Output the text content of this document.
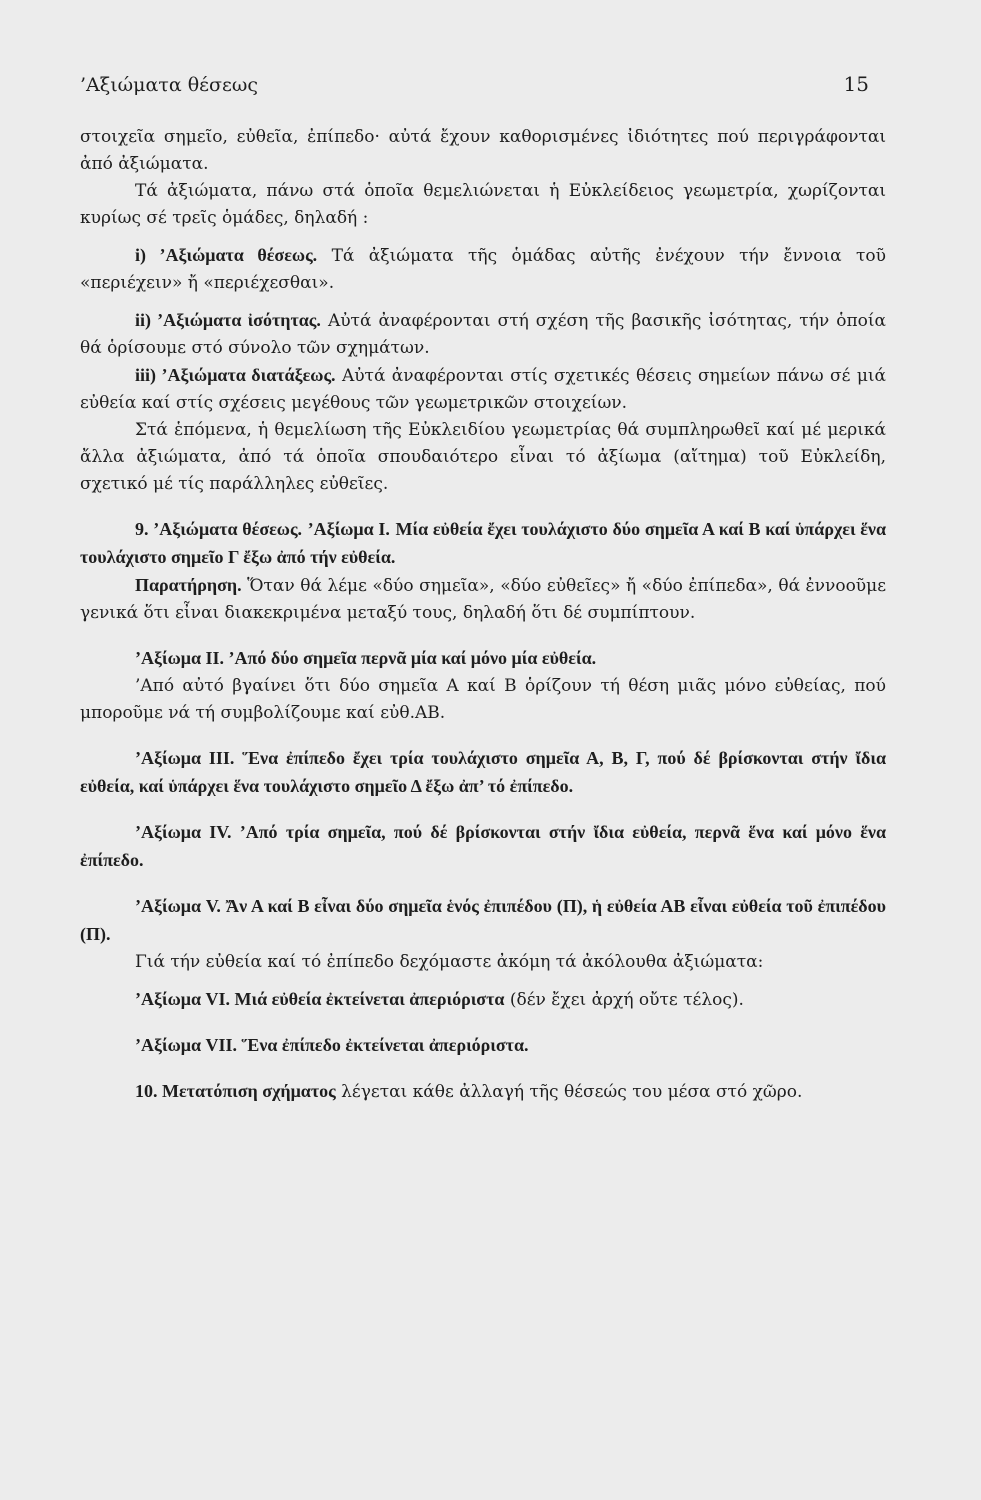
’Αξιώματα θέσεως	15

στοιχεῖα σημεῖο, εὐθεῖα, ἐπίπεδο· αὐτά ἔχουν καθορισμένες ἰδιότητες πού περιγράφονται ἀπό ἀξιώματα.

Τά ἀξιώματα, πάνω στά ὁποῖα θεμελιώνεται ἡ Εὐκλείδειος γεωμετρία, χωρίζονται κυρίως σέ τρεῖς ὁμάδες, δηλαδή :

i) ’Αξιώματα θέσεως. Τά ἀξιώματα τῆς ὁμάδας αὐτῆς ἐνέχουν τήν ἔννοια τοῦ «περιέχειν» ἤ «περιέχεσθαι».

ii) ’Αξιώματα ἰσότητας. Αὐτά ἀναφέρονται στή σχέση τῆς βασικῆς ἰσότητας, τήν ὁποία θά ὁρίσουμε στό σύνολο τῶν σχημάτων.

iii) ’Αξιώματα διατάξεως. Αὐτά ἀναφέρονται στίς σχετικές θέσεις σημείων πάνω σέ μιά εὐθεία καί στίς σχέσεις μεγέθους τῶν γεωμετρικῶν στοιχείων.

Στά ἑπόμενα, ἡ θεμελίωση τῆς Εὐκλειδίου γεωμετρίας θά συμπληρωθεῖ καί μέ μερικά ἄλλα ἀξιώματα, ἀπό τά ὁποῖα σπουδαιότερο εἶναι τό ἀξίωμα (αἴτημα) τοῦ Εὐκλείδη, σχετικό μέ τίς παράλληλες εὐθεῖες.

9. ’Αξιώματα θέσεως. ’Αξίωμα I. Μία εὐθεία ἔχει τουλάχιστο δύο σημεῖα Α καί Β καί ὑπάρχει ἕνα τουλάχιστο σημεῖο Γ ἔξω ἀπό τήν εὐθεία.

Παρατήρηση. Ὅταν θά λέμε «δύο σημεῖα», «δύο εὐθεῖες» ἤ «δύο ἐπίπεδα», θά ἐννοοῦμε γενικά ὅτι εἶναι διακεκριμένα μεταξύ τους, δηλαδή ὅτι δέ συμπίπτουν.

’Αξίωμα II. ’Από δύο σημεῖα περνᾶ μία καί μόνο μία εὐθεία.

’Από αὐτό βγαίνει ὅτι δύο σημεῖα Α καί Β ὁρίζουν τή θέση μιᾶς μόνο εὐθείας, πού μποροῦμε νά τή συμβολίζουμε καί εὐθ.ΑΒ.

’Αξίωμα III. Ἕνα ἐπίπεδο ἔχει τρία τουλάχιστο σημεῖα Α, Β, Γ, πού δέ βρίσκονται στήν ἴδια εὐθεία, καί ὑπάρχει ἕνα τουλάχιστο σημεῖο Δ ἔξω ἀπ’ τό ἐπίπεδο.

’Αξίωμα IV. ’Από τρία σημεῖα, πού δέ βρίσκονται στήν ἴδια εὐθεία, περνᾶ ἕνα καί μόνο ἕνα ἐπίπεδο.

’Αξίωμα V. Ἄν Α καί Β εἶναι δύο σημεῖα ἑνός ἐπιπέδου (Π), ἡ εὐθεία ΑΒ εἶναι εὐθεία τοῦ ἐπιπέδου (Π).

Γιά τήν εὐθεία καί τό ἐπίπεδο δεχόμαστε ἀκόμη τά ἀκόλουθα ἀξιώματα:

’Αξίωμα VI. Μιά εὐθεία ἐκτείνεται ἀπεριόριστα (δέν ἔχει ἀρχή οὔτε τέλος).

’Αξίωμα VII. Ἕνα ἐπίπεδο ἐκτείνεται ἀπεριόριστα.

10. Μετατόπιση σχήματος λέγεται κάθε ἀλλαγή τῆς θέσεώς του μέσα στό χῶρο.
